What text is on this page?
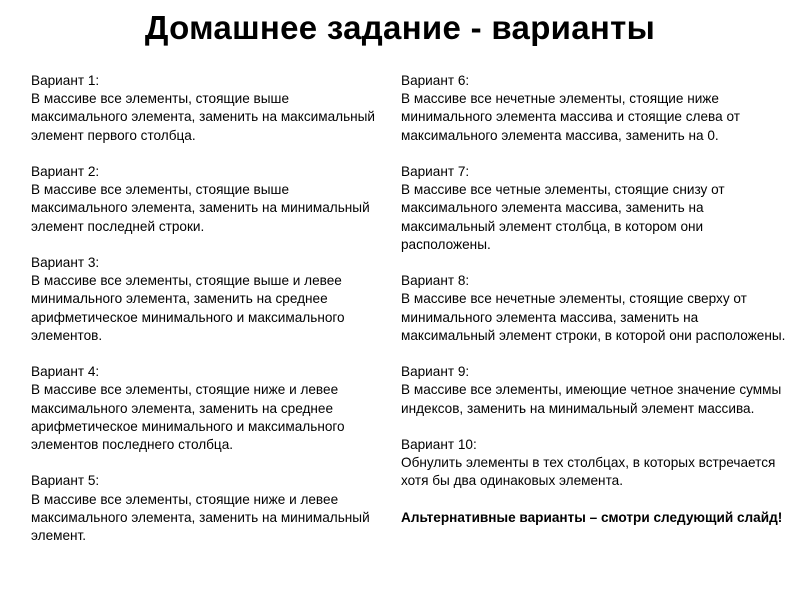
Домашнее задание - варианты
Вариант 1:
В массиве все элементы, стоящие выше максимального элемента, заменить на максимальный элемент первого столбца.
Вариант 2:
В массиве все элементы, стоящие выше максимального элемента, заменить на минимальный элемент последней строки.
Вариант 3:
В массиве все элементы, стоящие выше и левее минимального элемента, заменить на среднее арифметическое минимального и максимального элементов.
Вариант 4:
В массиве все элементы, стоящие ниже и левее максимального элемента, заменить на среднее арифметическое минимального и максимального элементов последнего столбца.
Вариант 5:
В массиве все элементы, стоящие ниже и левее максимального элемента, заменить на минимальный элемент.
Вариант 6:
В массиве все нечетные элементы, стоящие ниже минимального элемента массива и стоящие слева от максимального элемента массива, заменить на 0.
Вариант 7:
В массиве все четные элементы, стоящие снизу от максимального элемента массива, заменить на максимальный элемент столбца, в котором они расположены.
Вариант 8:
В массиве все нечетные элементы, стоящие сверху от минимального элемента массива, заменить на максимальный элемент строки, в которой они расположены.
Вариант 9:
В массиве все элементы, имеющие четное значение суммы индексов, заменить на минимальный элемент массива.
Вариант 10:
Обнулить элементы в тех столбцах, в которых встречается хотя бы два одинаковых элемента.
Альтернативные варианты – смотри следующий слайд!
